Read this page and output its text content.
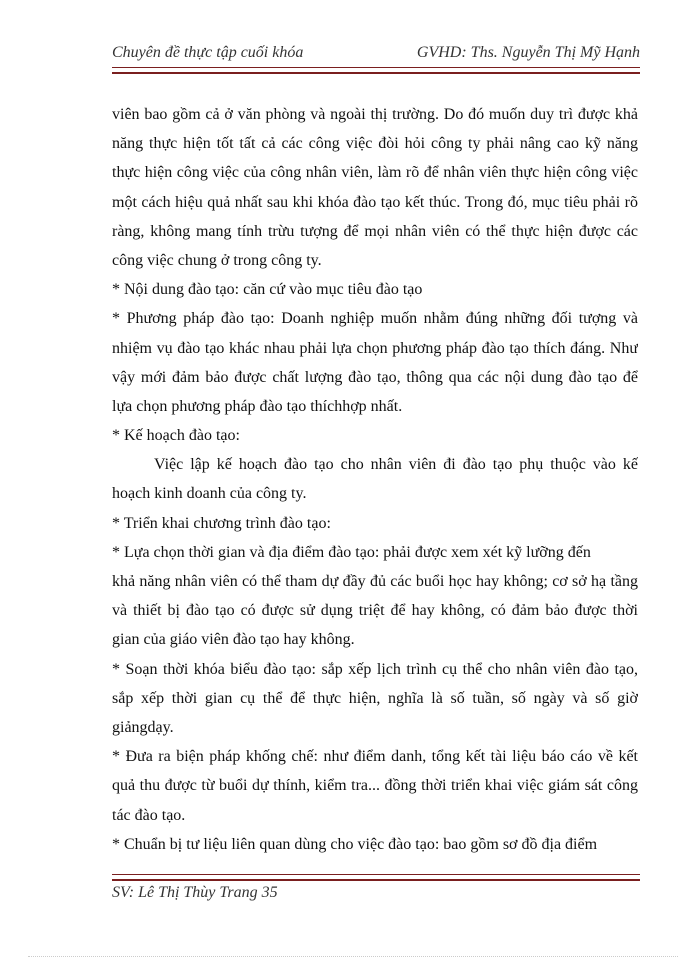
Chuyên đề thực tập cuối khóa	GVHD: Ths. Nguyễn Thị Mỹ Hạnh
viên bao gồm cả ở văn phòng và ngoài thị trường. Do đó muốn duy trì được khả
năng thực hiện tốt tất cả các công việc đòi hỏi công ty phải nâng cao kỹ năng
thực hiện công việc của công nhân viên, làm rõ để nhân viên thực hiện công việc
một cách hiệu quả nhất sau khi khóa đào tạo kết thúc. Trong đó, mục tiêu phải rõ
ràng, không mang tính trừu tượng để mọi nhân viên có thể thực hiện được các
công việc chung ở trong công ty.
* Nội dung đào tạo: căn cứ vào mục tiêu đào tạo
* Phương pháp đào tạo: Doanh nghiệp muốn nhằm đúng những đối tượng và
nhiệm vụ đào tạo khác nhau phải lựa chọn phương pháp đào tạo thích đáng. Như
vậy mới đảm bảo được chất lượng đào tạo, thông qua các nội dung đào tạo để
lựa chọn phương pháp đào tạo thíchhợp nhất.
* Kế hoạch đào tạo:
Việc lập kế hoạch đào tạo cho nhân viên đi đào tạo phụ thuộc vào kế
hoạch kinh doanh của công ty.
* Triển khai chương trình đào tạo:
* Lựa chọn thời gian và địa điểm đào tạo: phải được xem xét kỹ lưỡng đến
khả năng nhân viên có thể tham dự đầy đủ các buổi học hay không; cơ sở hạ tầng
và thiết bị đào tạo có được sử dụng triệt để hay không, có đảm bảo được thời
gian của giáo viên đào tạo hay không.
* Soạn thời khóa biểu đào tạo: sắp xếp lịch trình cụ thể cho nhân viên đào tạo,
sắp xếp thời gian cụ thể để thực hiện, nghĩa là số tuần, số ngày và số giờ
giảngdạy.
* Đưa ra biện pháp khống chế: như điểm danh, tổng kết tài liệu báo cáo về kết
quả thu được từ buổi dự thính, kiểm tra... đồng thời triển khai việc giám sát công
tác đào tạo.
* Chuẩn bị tư liệu liên quan dùng cho việc đào tạo: bao gồm sơ đồ địa điểm
SV: Lê Thị Thùy Trang 35
